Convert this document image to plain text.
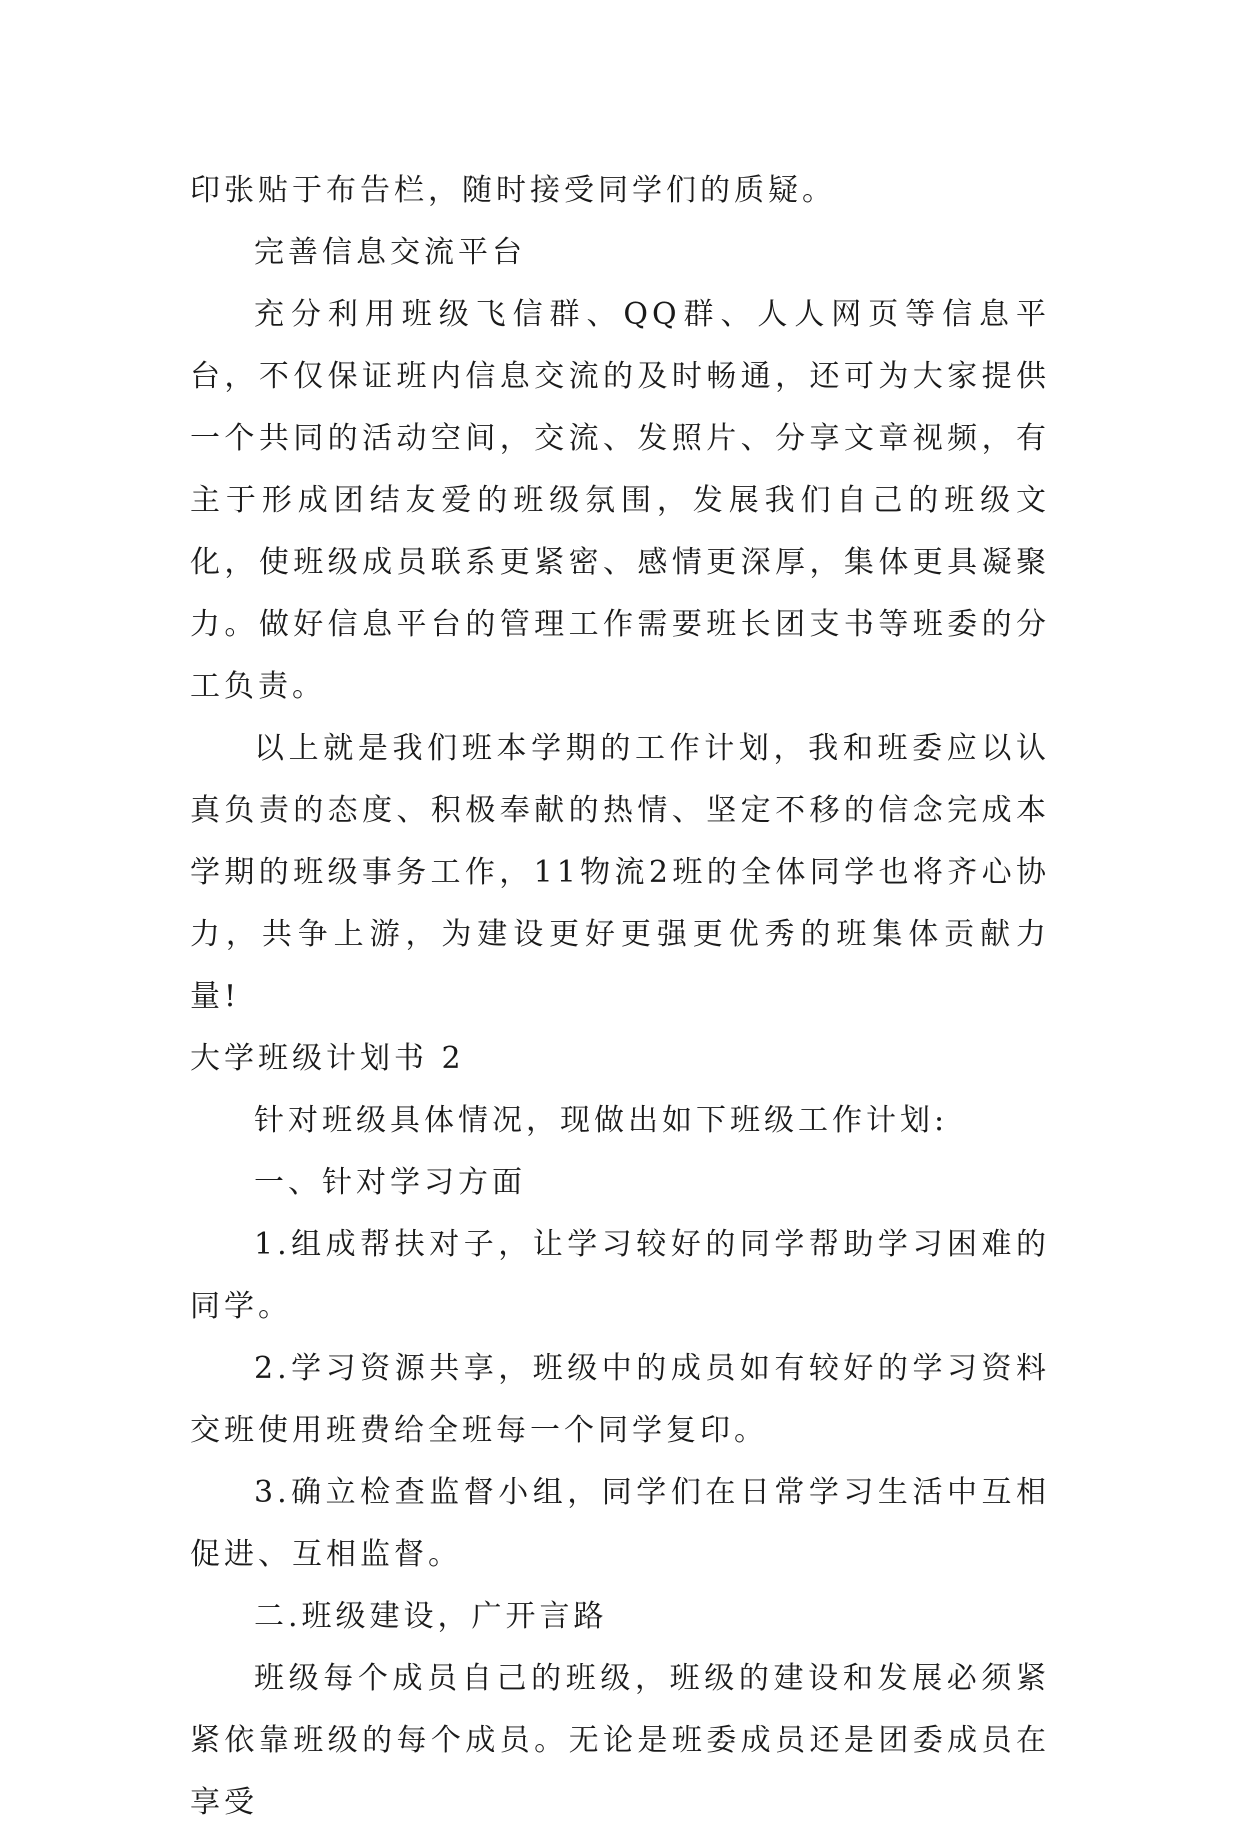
印张贴于布告栏，随时接受同学们的质疑。

完善信息交流平台

充分利用班级飞信群、QQ群、人人网页等信息平台，不仅保证班内信息交流的及时畅通，还可为大家提供一个共同的活动空间，交流、发照片、分享文章视频，有主于形成团结友爱的班级氛围，发展我们自己的班级文化，使班级成员联系更紧密、感情更深厚，集体更具凝聚力。做好信息平台的管理工作需要班长团支书等班委的分工负责。

以上就是我们班本学期的工作计划，我和班委应以认真负责的态度、积极奉献的热情、坚定不移的信念完成本学期的班级事务工作，11物流2班的全体同学也将齐心协力，共争上游，为建设更好更强更优秀的班集体贡献力量!

大学班级计划书 2

针对班级具体情况，现做出如下班级工作计划:

一、针对学习方面

1.组成帮扶对子，让学习较好的同学帮助学习困难的同学。

2.学习资源共享，班级中的成员如有较好的学习资料交班使用班费给全班每一个同学复印。

3.确立检查监督小组，同学们在日常学习生活中互相促进、互相监督。

二.班级建设，广开言路

班级每个成员自己的班级，班级的建设和发展必须紧紧依靠班级的每个成员。无论是班委成员还是团委成员在享受
